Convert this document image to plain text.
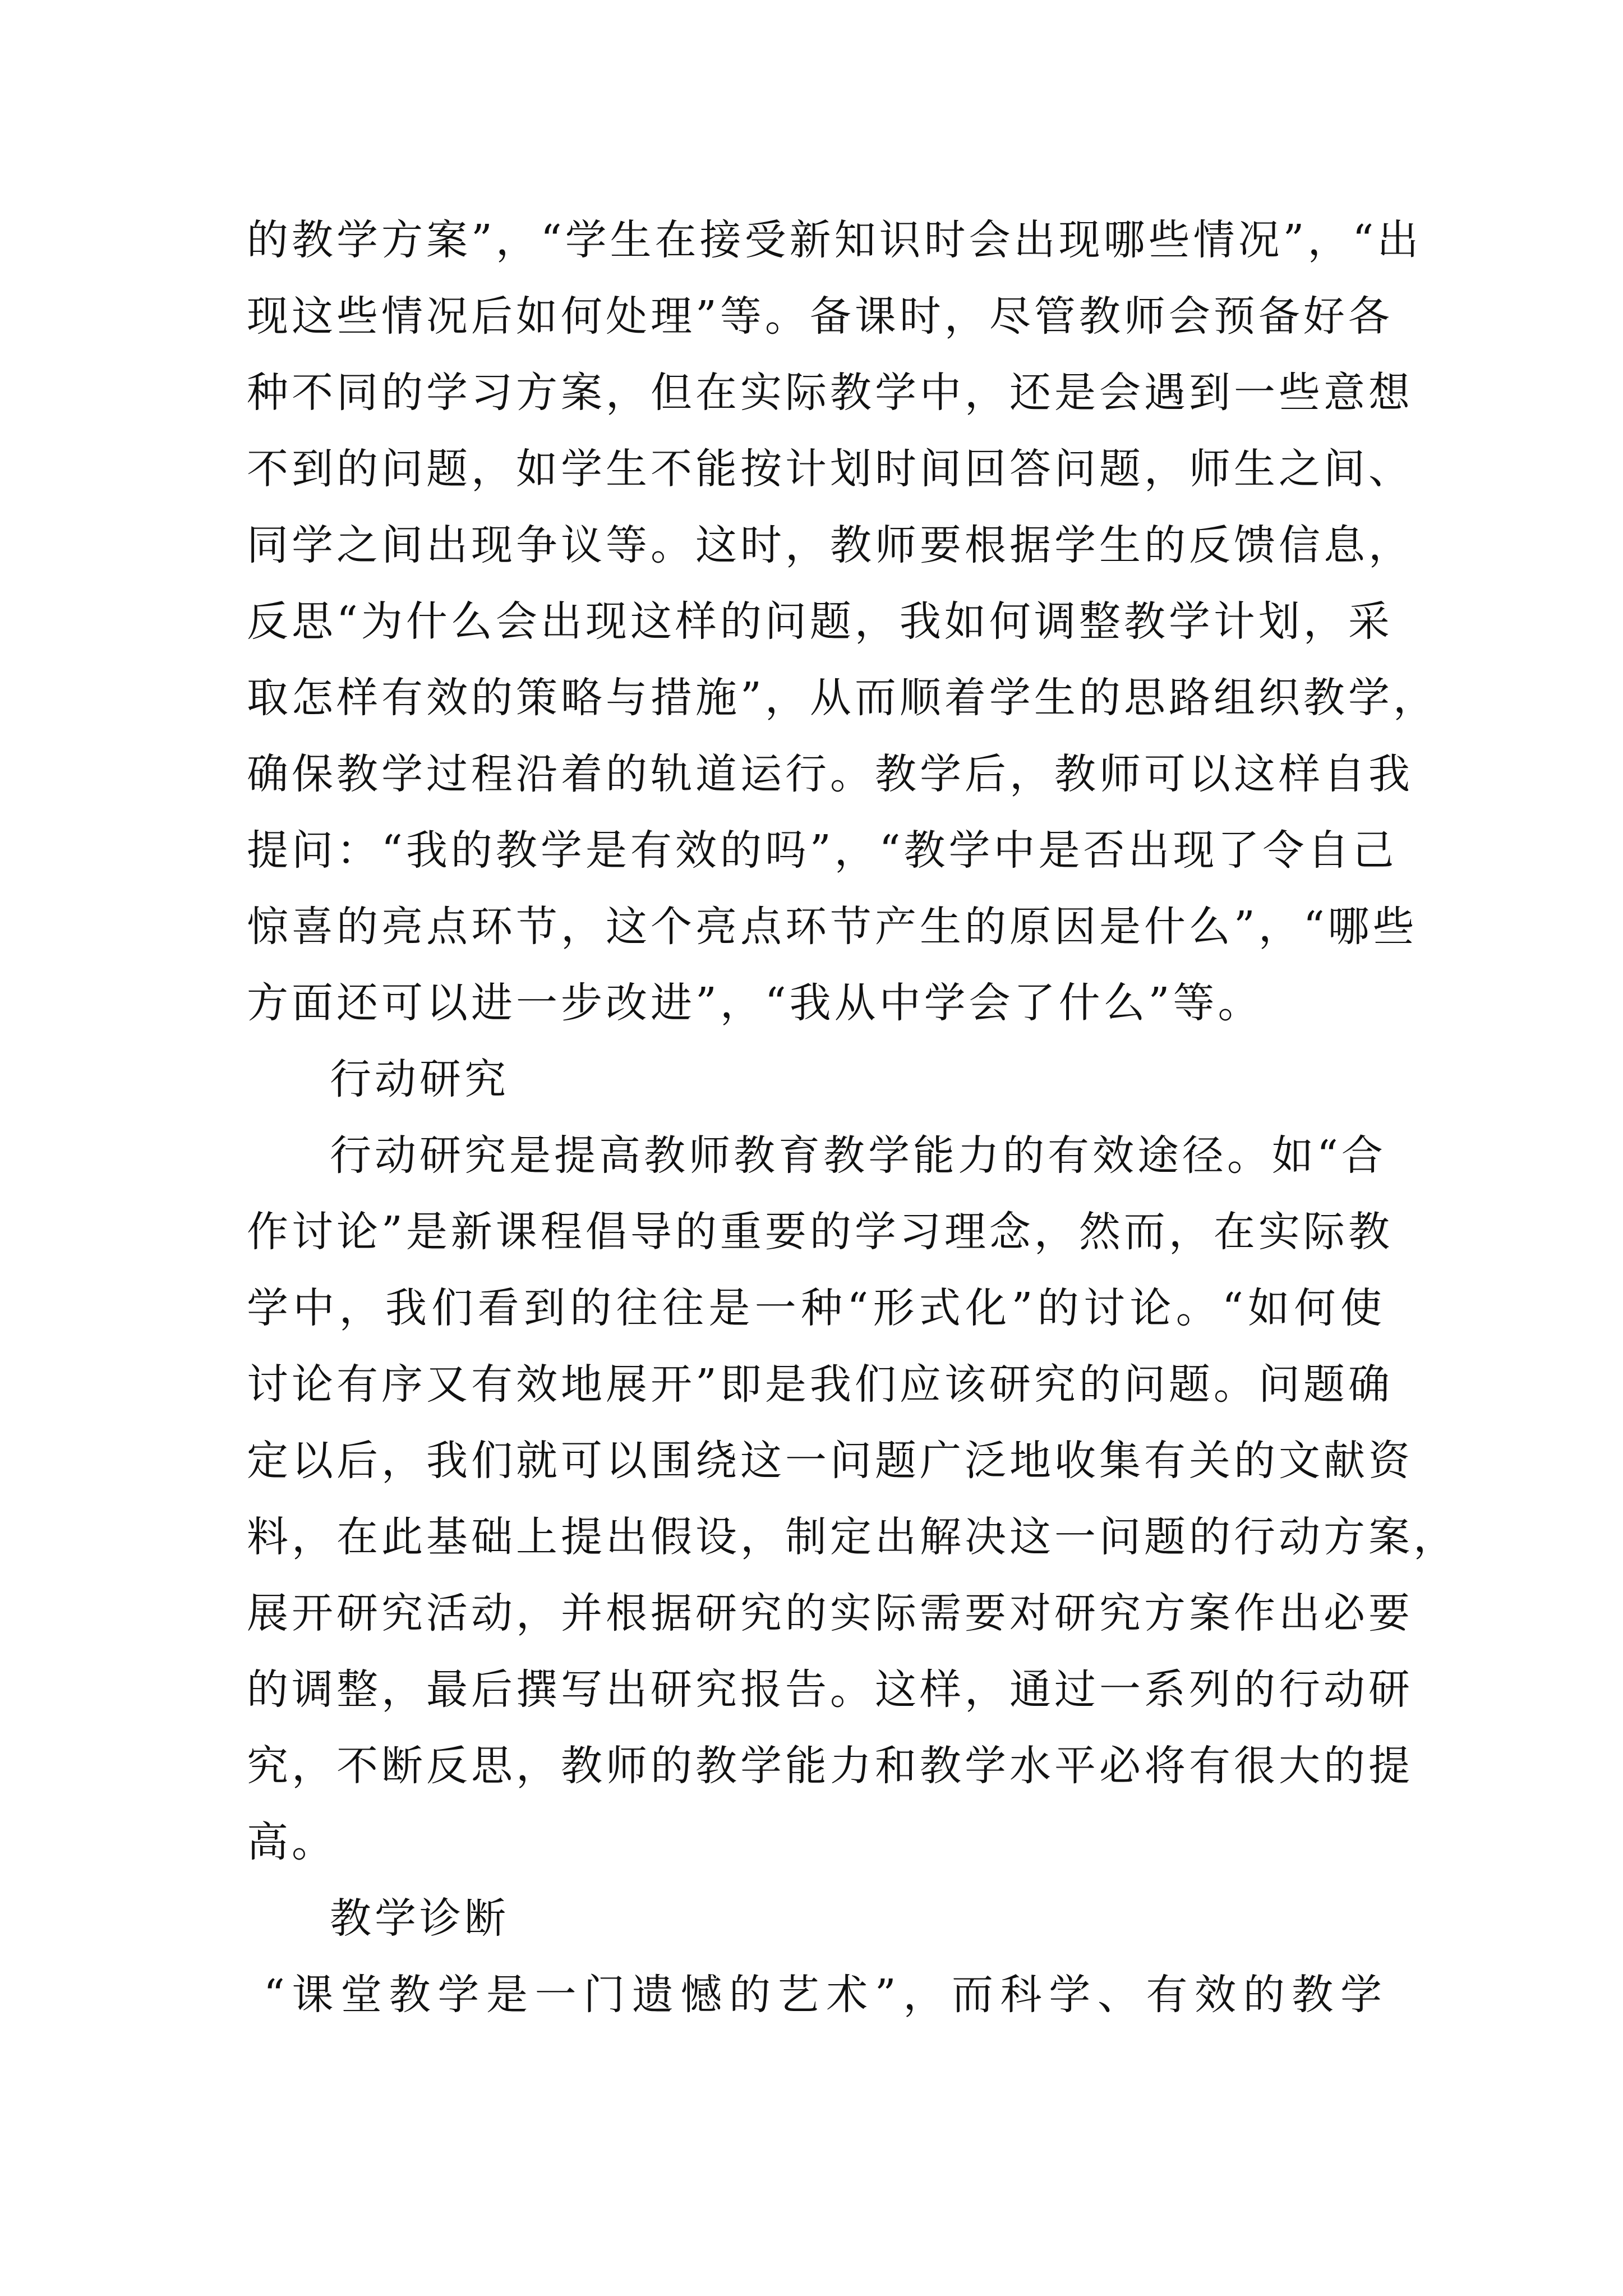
的教学方案”，“学生在接受新知识时会出现哪些情况”，“出
现这些情况后如何处理”等。备课时，尽管教师会预备好各
种不同的学习方案，但在实际教学中，还是会遇到一些意想
不到的问题，如学生不能按计划时间回答问题，师生之间、
同学之间出现争议等。这时，教师要根据学生的反馈信息，
反思“为什么会出现这样的问题，我如何调整教学计划，采
取怎样有效的策略与措施”，从而顺着学生的思路组织教学，
确保教学过程沿着的轨道运行。教学后，教师可以这样自我
提问：“我的教学是有效的吗”，“教学中是否出现了令自己
惊喜的亮点环节，这个亮点环节产生的原因是什么”，“哪些
方面还可以进一步改进”，“我从中学会了什么”等。
行动研究
行动研究是提高教师教育教学能力的有效途径。如“合
作讨论”是新课程倡导的重要的学习理念，然而，在实际教
学中，我们看到的往往是一种“形式化”的讨论。“如何使
讨论有序又有效地展开”即是我们应该研究的问题。问题确
定以后，我们就可以围绕这一问题广泛地收集有关的文献资
料，在此基础上提出假设，制定出解决这一问题的行动方案，
展开研究活动，并根据研究的实际需要对研究方案作出必要
的调整，最后撰写出研究报告。这样，通过一系列的行动研
究，不断反思，教师的教学能力和教学水平必将有很大的提
高。
教学诊断
“课堂教学是一门遗憾的艺术”，而科学、有效的教学
